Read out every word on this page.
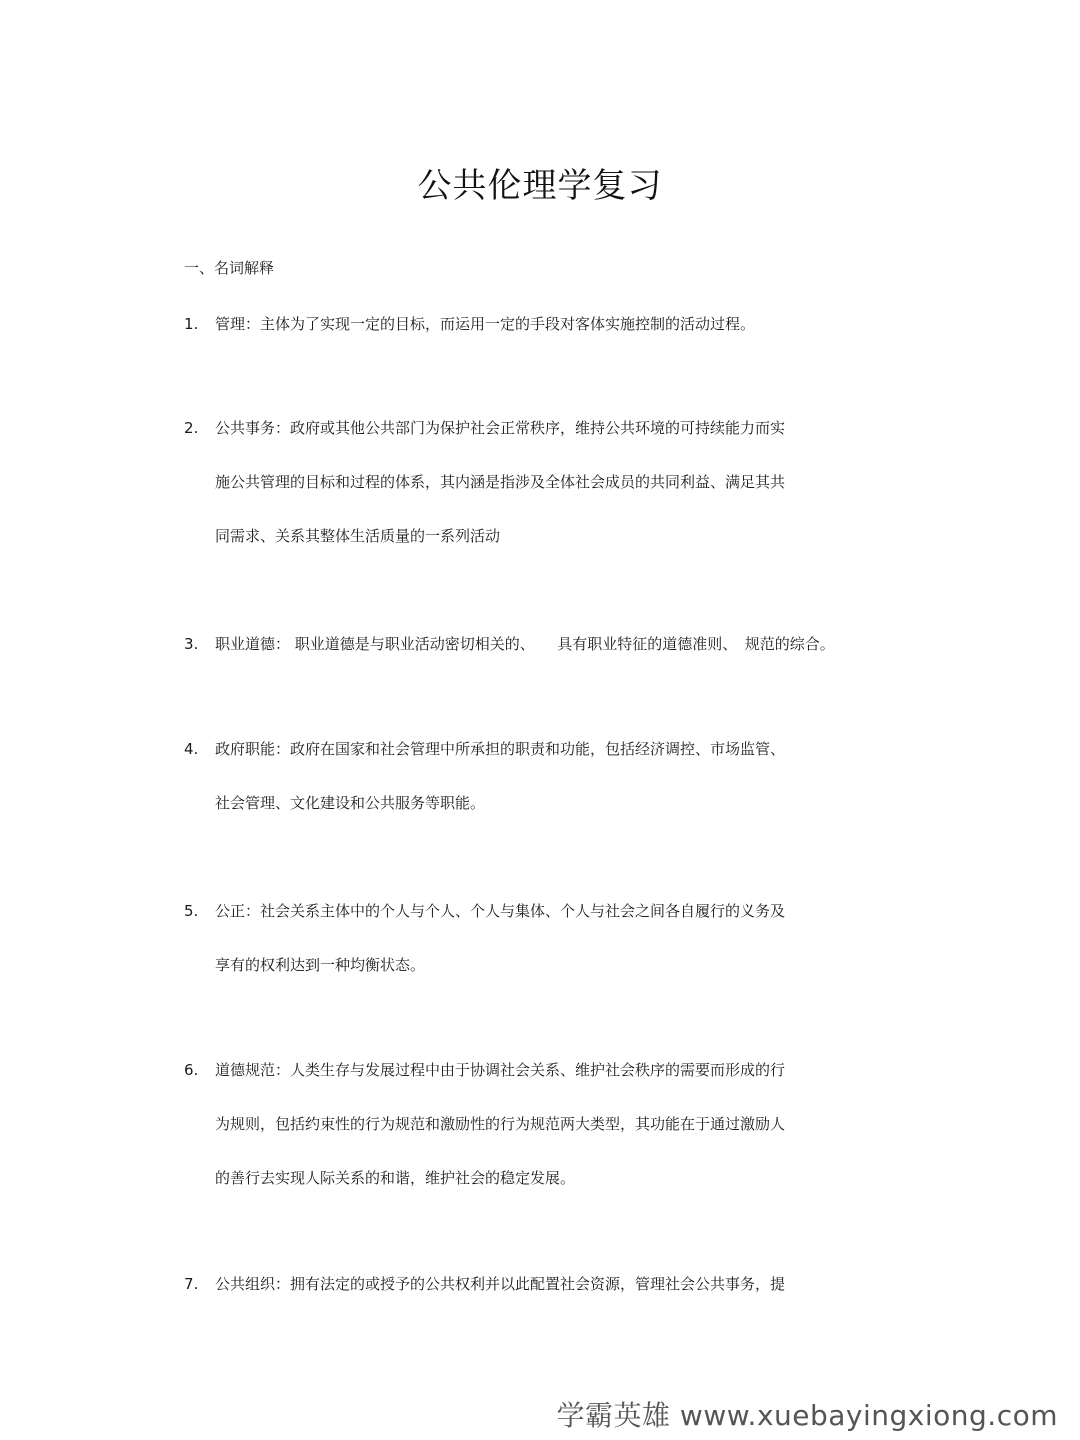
公共伦理学复习
一、名词解释
1. 管理：主体为了实现一定的目标，而运用一定的手段对客体实施控制的活动过程。
2. 公共事务：政府或其他公共部门为保护社会正常秩序，维持公共环境的可持续能力而实
施公共管理的目标和过程的体系，其内涵是指涉及全体社会成员的共同利益、满足其共
同需求、关系其整体生活质量的一系列活动
3. 职业道德： 职业道德是与职业活动密切相关的、　　具有职业特征的道德准则、　规范的综合。
4. 政府职能：政府在国家和社会管理中所承担的职责和功能，包括经济调控、市场监管、
社会管理、文化建设和公共服务等职能。
5. 公正：社会关系主体中的个人与个人、个人与集体、个人与社会之间各自履行的义务及
享有的权利达到一种均衡状态。
6. 道德规范：人类生存与发展过程中由于协调社会关系、维护社会秩序的需要而形成的行
为规则，包括约束性的行为规范和激励性的行为规范两大类型，其功能在于通过激励人
的善行去实现人际关系的和谐，维护社会的稳定发展。
7. 公共组织：拥有法定的或授予的公共权利并以此配置社会资源，管理社会公共事务，提
学霸英雄 www.xuebayingxiong.com
